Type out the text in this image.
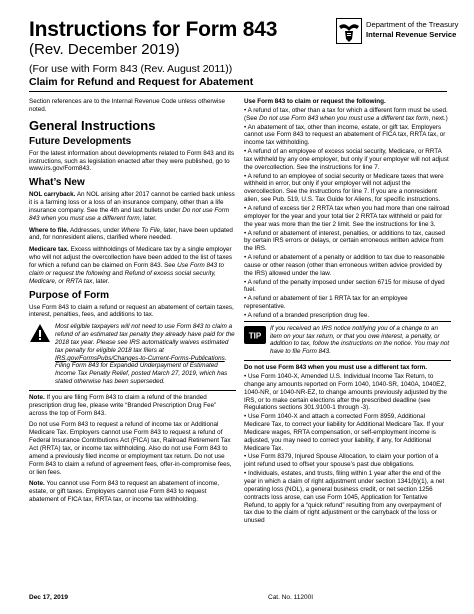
Instructions for Form 843
(Rev. December 2019)
(For use with Form 843 (Rev. August 2011))
Claim for Refund and Request for Abatement
Department of the Treasury
Internal Revenue Service

Section references are to the Internal Revenue Code unless otherwise noted.

General Instructions
Future Developments

For the latest information about developments related to Form 843 and its instructions, such as legislation enacted after they were published, go to www.irs.gov/Form843.

What’s New

NOL carryback. An NOL arising after 2017 cannot be carried back unless it is a farming loss or a loss of an insurance company, other than a life insurance company. See the 4th and last bullets under Do not use Form 843 when you must use a different form, later.

Where to file. Addresses, under Where To File, later, have been updated and, for nonresident aliens, clarified where needed.

Medicare tax. Excess withholdings of Medicare tax by a single employer who will not adjust the overcollection have been added to the list of taxes for which a refund can be claimed on Form 843. See Use Form 843 to claim or request the following and Refund of excess social security, Medicare, or RRTA tax, later.

Purpose of Form

Use Form 843 to claim a refund or request an abatement of certain taxes, interest, penalties, fees, and additions to tax.

Most eligible taxpayers will not need to use Form 843 to claim a refund of an estimated tax penalty they already have paid for the 2018 tax year. Please see IRS automatically waives estimated tax penalty for eligible 2018 tax filers at IRS.gov/FormsPubs/Changes-to-Current-Forms-Publications. Filing Form 843 for Expanded Underpayment of Estimated Income Tax Penalty Relief, posted March 27, 2019, which has stated otherwise has been superseded.

Note. If you are filing Form 843 to claim a refund of the branded prescription drug fee, please write “Branded Prescription Drug Fee” across the top of Form 843.

Do not use Form 843 to request a refund of income tax or Additional Medicare Tax. Employers cannot use Form 843 to request a refund of Federal Insurance Contributions Act (FICA) tax, Railroad Retirement Tax Act (RRTA) tax, or income tax withholding. Also do not use Form 843 to amend a previously filed income or employment tax return. Do not use Form 843 to claim a refund of agreement fees, offer-in-compromise fees, or lien fees.

Note. You cannot use Form 843 to request an abatement of income, estate, or gift taxes. Employers cannot use Form 843 to request abatement of FICA tax, RRTA tax, or income tax withholding.

Use Form 843 to claim or request the following.

• A refund of tax, other than a tax for which a different form must be used. (See Do not use Form 843 when you must use a different tax form, next.)

• An abatement of tax, other than income, estate, or gift tax. Employers cannot use Form 843 to request an abatement of FICA tax, RRTA tax, or income tax withholding.

• A refund of an employee of excess social security, Medicare, or RRTA tax withheld by any one employer, but only if your employer will not adjust the overcollection. See the instructions for line 7.

• A refund to an employee of social security or Medicare taxes that were withheld in error, but only if your employer will not adjust the overcollection. See the instructions for line 7. If you are a nonresident alien, see Pub. 519, U.S. Tax Guide for Aliens, for specific instructions.

• A refund of excess tier 2 RRTA tax when you had more than one railroad employer for the year and your total tier 2 RRTA tax withheld or paid for the year was more than the tier 2 limit. See the instructions for line 3.

• A refund or abatement of interest, penalties, or additions to tax, caused by certain IRS errors or delays, or certain erroneous written advice from the IRS.

• A refund or abatement of a penalty or addition to tax due to reasonable cause or other reason (other than erroneous written advice provided by the IRS) allowed under the law.

• A refund of the penalty imposed under section 6715 for misuse of dyed fuel.

• A refund or abatement of tier 1 RRTA tax for an employee representative.

• A refund of a branded prescription drug fee.

TIP
If you received an IRS notice notifying you of a change to an item on your tax return, or that you owe interest, a penalty, or addition to tax, follow the instructions on the notice. You may not have to file Form 843.

Do not use Form 843 when you must use a different tax form.

• Use Form 1040-X, Amended U.S. Individual Income Tax Return, to change any amounts reported on Form 1040, 1040-SR, 1040A, 1040EZ, 1040-NR, or 1040-NR-EZ, to change amounts previously adjusted by the IRS, or to make certain elections after the prescribed deadline (see Regulations sections 301.9100-1 through -3).

• Use Form 1040-X and attach a corrected Form 8959, Additional Medicare Tax, to correct your liability for Additional Medicare Tax. If your Medicare wages, RRTA compensation, or self-employment income is adjusted, you may need to correct your liability, if any, for Additional Medicare Tax.

• Use Form 8379, Injured Spouse Allocation, to claim your portion of a joint refund used to offset your spouse’s past due obligations.

• Individuals, estates, and trusts, filing within 1 year after the end of the year in which a claim of right adjustment under section 1341(b)(1), a net operating loss (NOL), a general business credit, or net section 1256 contracts loss arose, can use Form 1045, Application for Tentative Refund, to apply for a “quick refund” resulting from any overpayment of tax due to the claim of right adjustment or the carryback of the loss or unused

Dec 17, 2019	Cat. No. 11200I
